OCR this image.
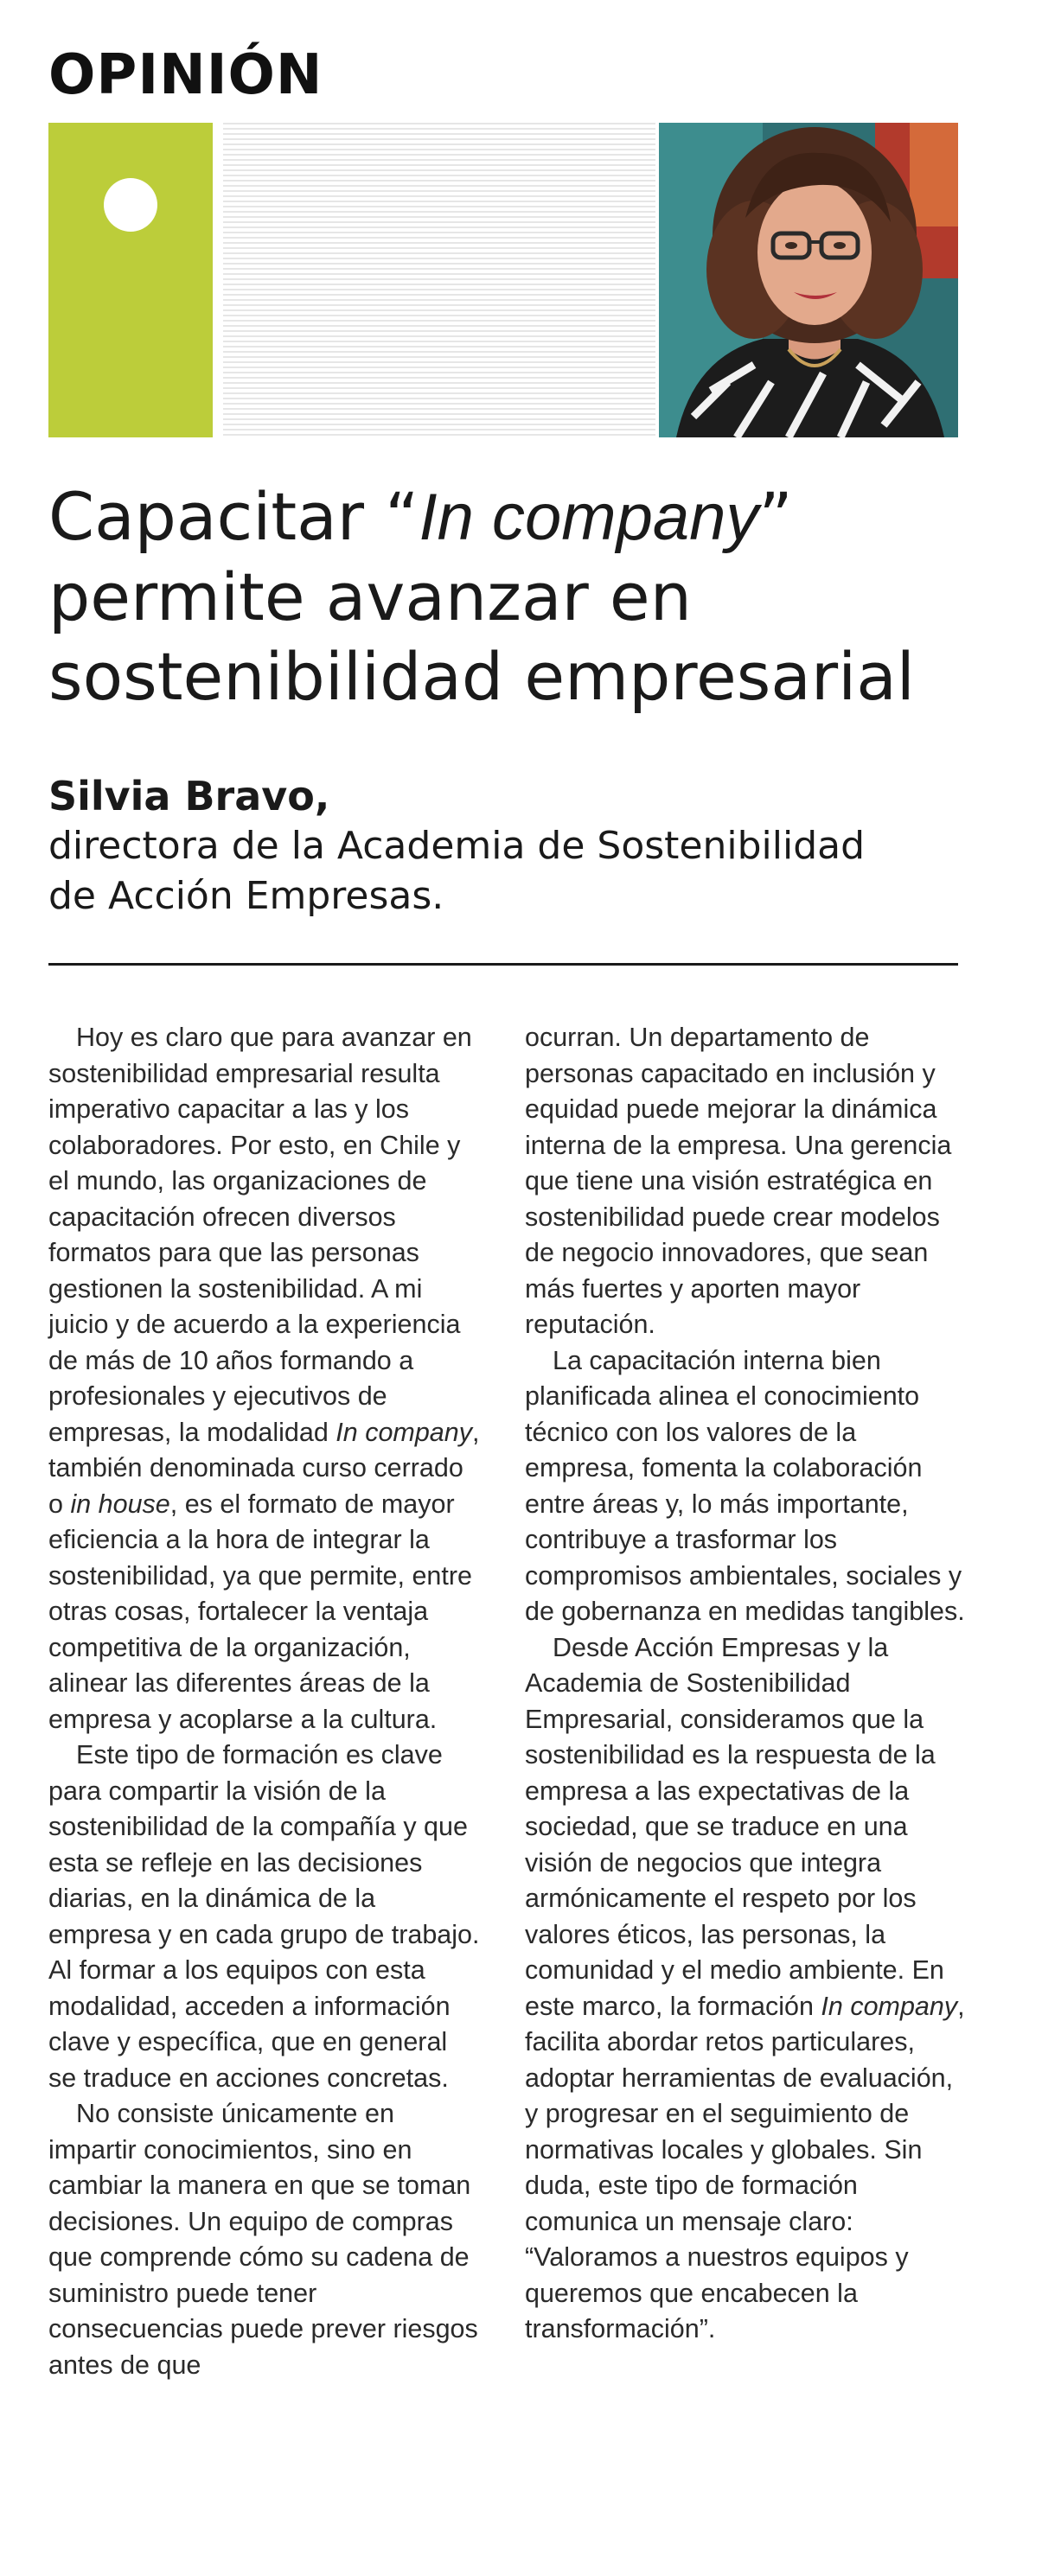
OPINIÓN
Capacitar “In company”
permite avanzar en
sostenibilidad empresarial
Silvia Bravo,
directora de la Academia de Sostenibilidad
de Acción Empresas.

Hoy es claro que para avanzar en sostenibilidad empresarial resulta imperativo capacitar a las y los colaboradores. Por esto, en Chile y el mundo, las organizaciones de capacitación ofrecen diversos formatos para que las personas gestionen la sostenibilidad. A mi juicio y de acuerdo a la experiencia de más de 10 años formando a profesionales y ejecutivos de empresas, la modalidad In company, también denominada curso cerrado o in house, es el formato de mayor eficiencia a la hora de integrar la sostenibilidad, ya que permite, entre otras cosas, fortalecer la ventaja competitiva de la organización, alinear las diferentes áreas de la empresa y acoplarse a la cultura.

Este tipo de formación es clave para compartir la visión de la sostenibilidad de la compañía y que esta se refleje en las decisiones diarias, en la dinámica de la empresa y en cada grupo de trabajo. Al formar a los equipos con esta modalidad, acceden a información clave y específica, que en general se traduce en acciones concretas.

No consiste únicamente en impartir conocimientos, sino en cambiar la manera en que se toman decisiones. Un equipo de compras que comprende cómo su cadena de suministro puede tener consecuencias puede prever riesgos antes de que

ocurran. Un departamento de personas capacitado en inclusión y equidad puede mejorar la dinámica interna de la empresa. Una gerencia que tiene una visión estratégica en sostenibilidad puede crear modelos de negocio innovadores, que sean más fuertes y aporten mayor reputación.

La capacitación interna bien planificada alinea el conocimiento técnico con los valores de la empresa, fomenta la colaboración entre áreas y, lo más importante, contribuye a trasformar los compromisos ambientales, sociales y de gobernanza en medidas tangibles.

Desde Acción Empresas y la Academia de Sostenibilidad Empresarial, consideramos que la sostenibilidad es la respuesta de la empresa a las expectativas de la sociedad, que se traduce en una visión de negocios que integra armónicamente el respeto por los valores éticos, las personas, la comunidad y el medio ambiente. En este marco, la formación In company, facilita abordar retos particulares, adoptar herramientas de evaluación, y progresar en el seguimiento de normativas locales y globales. Sin duda, este tipo de formación comunica un mensaje claro: “Valoramos a nuestros equipos y queremos que encabecen la transformación”.
